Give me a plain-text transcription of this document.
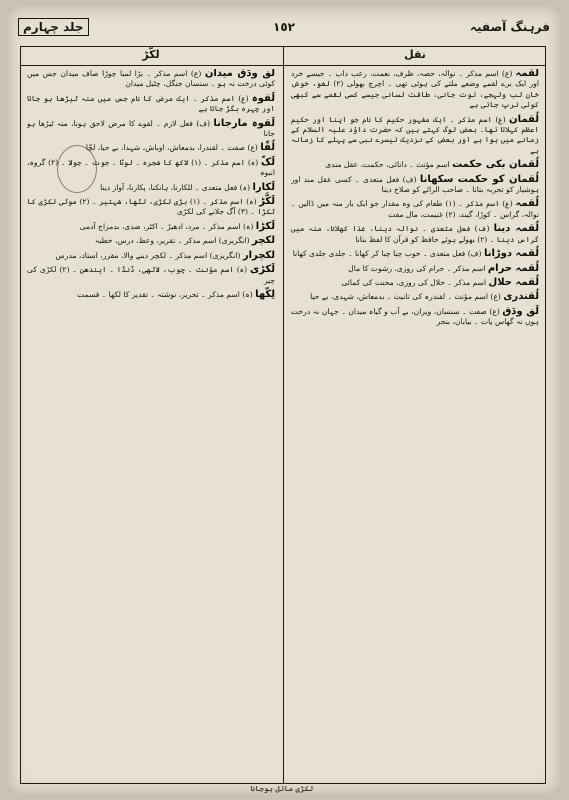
فرہنگ آصفیہ
١٥٢
جلد چہارم
نقل
لکّڑ

لُقمہ (ع) اسم مذکر ۔ نوالہ، حصہ، ظرف، نعمت، رعب داب ۔ جیسے خرد اور ایک برے لقمے وضعے ملتے کی ہوئی تھی ۔ اچرچ بھولی (۲) لغو، خوش خان لب ولہجے، توت جانی، طاقت لسانی جیسے کسی لقمے سے کبھی کوئی ترپ جاتی ہے

لُقمان (ع) اسم مذکر ۔ ایک مشہور حکیم کا نام جو اپنا اور حکیم اعظم کہلاتا تھا۔ بعض لوگ کہتے ہیں کہ حضرت داؤد علیہ السلام کے زمانے میں ہوا ہے اور بعض کے نزدیک تیسرے نبی سے پہلے کا زمانہ ہے

لُقمان بکی حکمت اسم مؤنث ۔ دانائی، حکمت، عقل مندی

لُقمان کو حکمت سکھانا (ف) فعل متعدی ۔ کسی عقل مند اور ہوشیار کو تجربہ بتانا ۔ صاحب الرائے کو صلاح دینا

لُقمہ (ع) اسم مذکر ۔ (۱) طعام کی وہ مقدار جو ایک بار منہ میں ڈالیں ۔ نوالہ، گراس ۔ کوڑا، گیند، (۲) غنیمت، مال مفت

لُقمہ دینا (ف) فعل متعدی ۔ نوالہ دینا، غذا کھلانا، منہ میں گراس دینا ۔ (۲) بھولے ہوئے حافظ کو قرآن کا لفظ بتانا

لُقمہ دوڑانا (ف) فعل متعدی ۔ خوب چبا چبا کر کھانا ۔ جلدی جلدی کھانا

لُقمہ حرام اسم مذکر ۔ حرام کی روزی، رشوت کا مال

لُقمہ حلال اسم مذکر ۔ حلال کی روزی، محنت کی کمائی

لُقندری (ع) اسم مؤنث ۔ لقندرہ کی تانیث ۔ بدمعاش، شہدی، بے حیا

لَق ودَق (ع) صفت ۔ سنسان، ویران، بے آب و گیاہ میدان ۔ جہاں نہ درخت ہوں نہ گھاس پات ۔ بیابان، بنجر

لُق ودَق میدان (ع) اسم مذکر ۔ بڑا لمبا چوڑا صاف میدان جس میں کوئی درخت نہ ہو ۔ سنسان جنگل، چٹیل میدان

لَقوہ (ع) اسم مذکر ۔ ایک مرض کا نام جس میں منہ ٹیڑھا ہو جاتا اور چہرہ بگڑ جاتا ہے

لَقوہ مارجانا (ف) فعل لازم ۔ لقوے کا مرض لاحق ہونا، منہ ٹیڑھا ہو جانا

لُقّا (ع) صفت ۔ لقندرا، بدمعاش، اوباش، شہدا، بے حیا، لچّا

لَکّ (ہ) اسم مذکر ۔ (۱) لاکھ کا شجرہ ۔ لوٹا ۔ جوت ۔ جولا ۔ (۲) گروہ، انبوہ

لَکارا (ہ) فعل متعدی ۔ للکارنا، ہانکنا، پکارنا، آواز دینا

لَکَّڑ (ہ) اسم مذکر ۔ (۱) بڑی لکڑی، لٹھا، شہتیر ۔ (۲) موٹی لکڑی کا ٹکڑا ۔ (۳) آگ جلانے کی لکڑی

لَکڑا (ہ) اسم مذکر ۔ مرد، ادھیڑ ۔ اکٹر، ضدی، بدمزاج آدمی

لکچر (انگریزی) اسم مذکر ۔ تقریر، وعظ، درس، خطبہ

لکچرار (انگریزی) اسم مذکر ۔ لکچر دینے والا، مقرر، استاد، مدرس

لَکڑی (ہ) اسم مؤنث ۔ چوب، لاٹھی، ڈنڈا ۔ ایندھن ۔ (۲) لکڑی کی چیز

لِکّھا (ہ) اسم مذکر ۔ تحریر، نوشتہ ۔ تقدیر کا لکھا ۔ قسمت

لکڑی مائل ہوجانا
